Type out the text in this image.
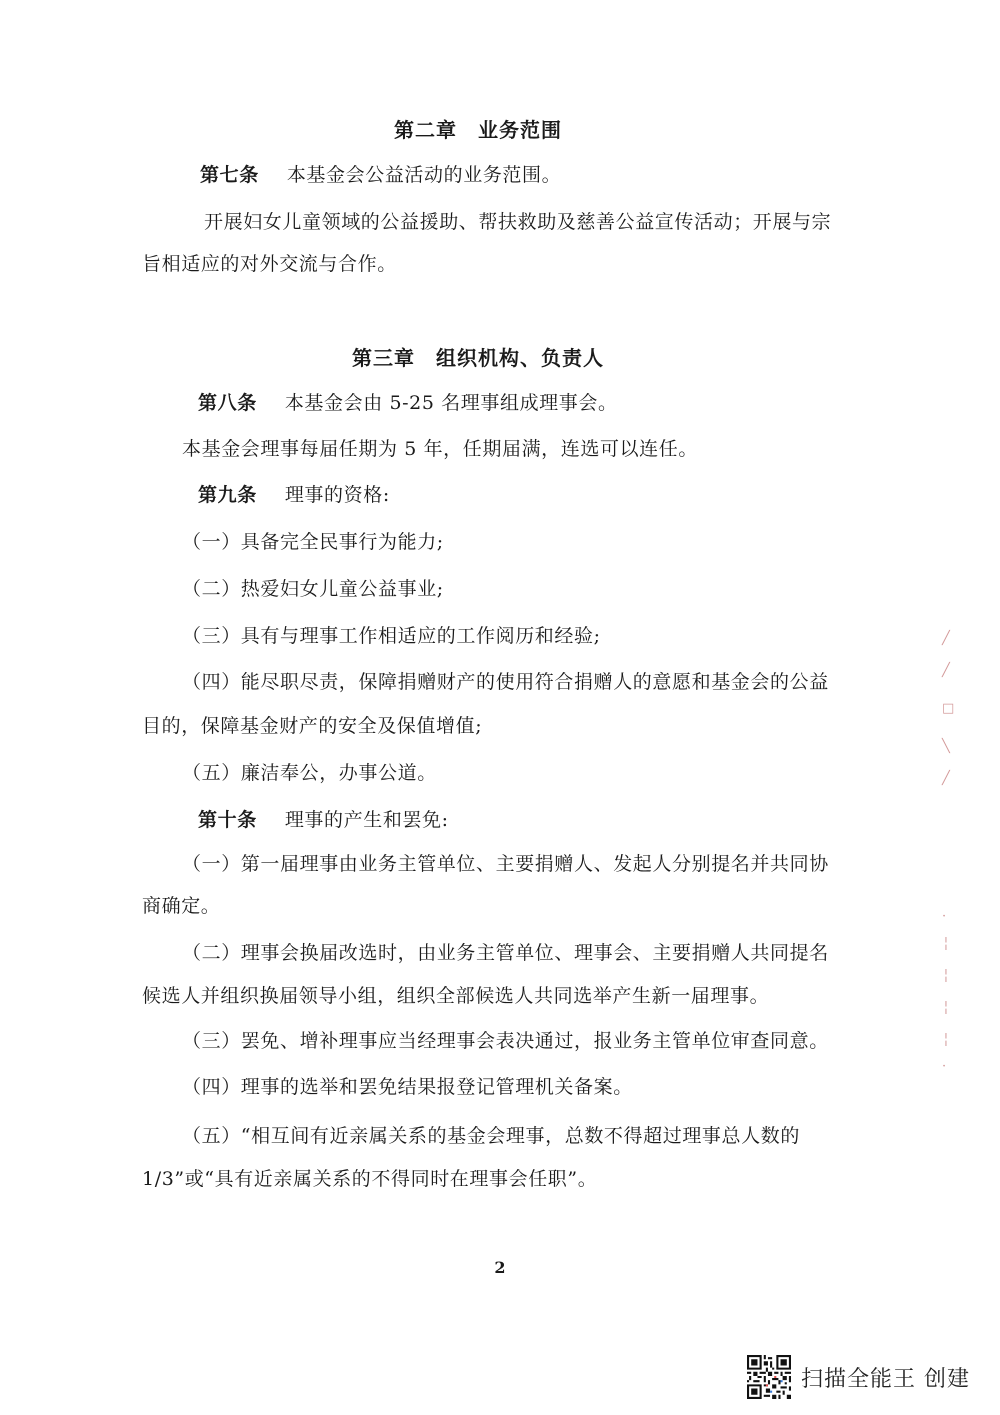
第二章　业务范围
第七条 本基金会公益活动的业务范围。
开展妇女儿童领域的公益援助、帮扶救助及慈善公益宣传活动；开展与宗
旨相适应的对外交流与合作。
第三章　组织机构、负责人
第八条 本基金会由 5-25 名理事组成理事会。
本基金会理事每届任期为 5 年，任期届满，连选可以连任。
第九条 理事的资格:
（一）具备完全民事行为能力;
（二）热爱妇女儿童公益事业;
（三）具有与理事工作相适应的工作阅历和经验;
（四）能尽职尽责，保障捐赠财产的使用符合捐赠人的意愿和基金会的公益
目的，保障基金财产的安全及保值增值;
（五）廉洁奉公，办事公道。
第十条 理事的产生和罢免:
（一）第一届理事由业务主管单位、主要捐赠人、发起人分别提名并共同协
商确定。
（二）理事会换届改选时，由业务主管单位、理事会、主要捐赠人共同提名
候选人并组织换届领导小组，组织全部候选人共同选举产生新一届理事。
（三）罢免、增补理事应当经理事会表决通过，报业务主管单位审查同意。
（四）理事的选举和罢免结果报登记管理机关备案。
（五）“相互间有近亲属关系的基金会理事，总数不得超过理事总人数的
1/3”或“具有近亲属关系的不得同时在理事会任职”。
2
╱
╱
□
╲
╱
·
╎
╎
╎
╎
·
扫描全能王 创建
